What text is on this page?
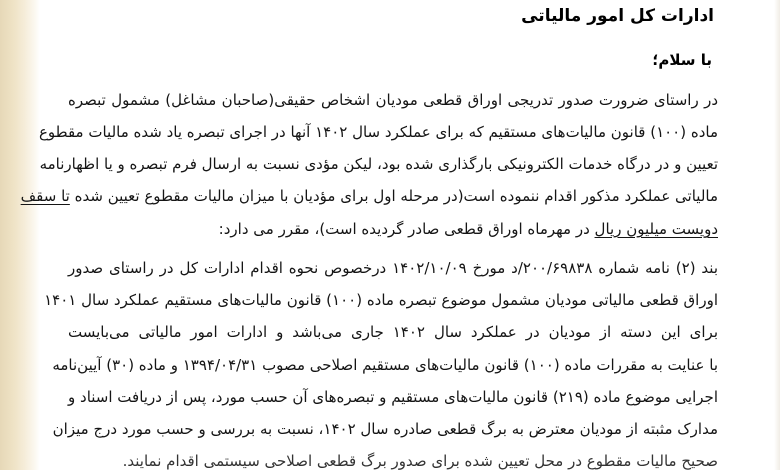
ادارات کل امور مالیاتی
با سلام؛
در راستای ضرورت صدور تدریجی اوراق قطعی مودیان اشخاص حقیقی(صاحبان مشاغل) مشمول تبصره
ماده (۱۰۰) قانون مالیات‌های مستقیم که برای عملکرد سال ۱۴۰۲ آنها در اجرای تبصره یاد شده مالیات مقطوع
تعیین و در درگاه خدمات الکترونیکی بارگذاری شده بود، لیکن مؤدی نسبت به ارسال فرم تبصره و یا اظهارنامه
مالیاتی عملکرد مذکور اقدام ننموده است(در مرحله اول برای مؤدیان با میزان مالیات مقطوع تعیین شده تا سقف
دویست میلیون ریال در مهرماه اوراق قطعی صادر گردیده است)، مقرر می دارد:
بند (۲) نامه شماره ۲۰۰/۶۹۸۳۸/د مورخ ۱۴۰۲/۱۰/۰۹ درخصوص نحوه اقدام ادارات کل در راستای صدور
اوراق قطعی مالیاتی مودیان مشمول موضوع تبصره ماده (۱۰۰) قانون مالیات‌های مستقیم عملکرد سال ۱۴۰۱
برای این دسته از مودیان در عملکرد سال ۱۴۰۲ جاری می‌باشد و ادارات امور مالیاتی می‌بایست
با عنایت به مقررات ماده (۱۰۰) قانون مالیات‌های مستقیم اصلاحی مصوب ۱۳۹۴/۰۴/۳۱ و ماده (۳۰) آیین‌نامه
اجرایی موضوع ماده (۲۱۹) قانون مالیات‌های مستقیم و تبصره‌های آن حسب مورد، پس از دریافت اسناد و
مدارک مثبته از مودیان معترض به برگ قطعی صادره سال ۱۴۰۲، نسبت به بررسی و حسب مورد درج میزان
صحیح مالیات مقطوع در محل تعیین شده برای صدور برگ قطعی اصلاحی سیستمی اقدام نمایند.
